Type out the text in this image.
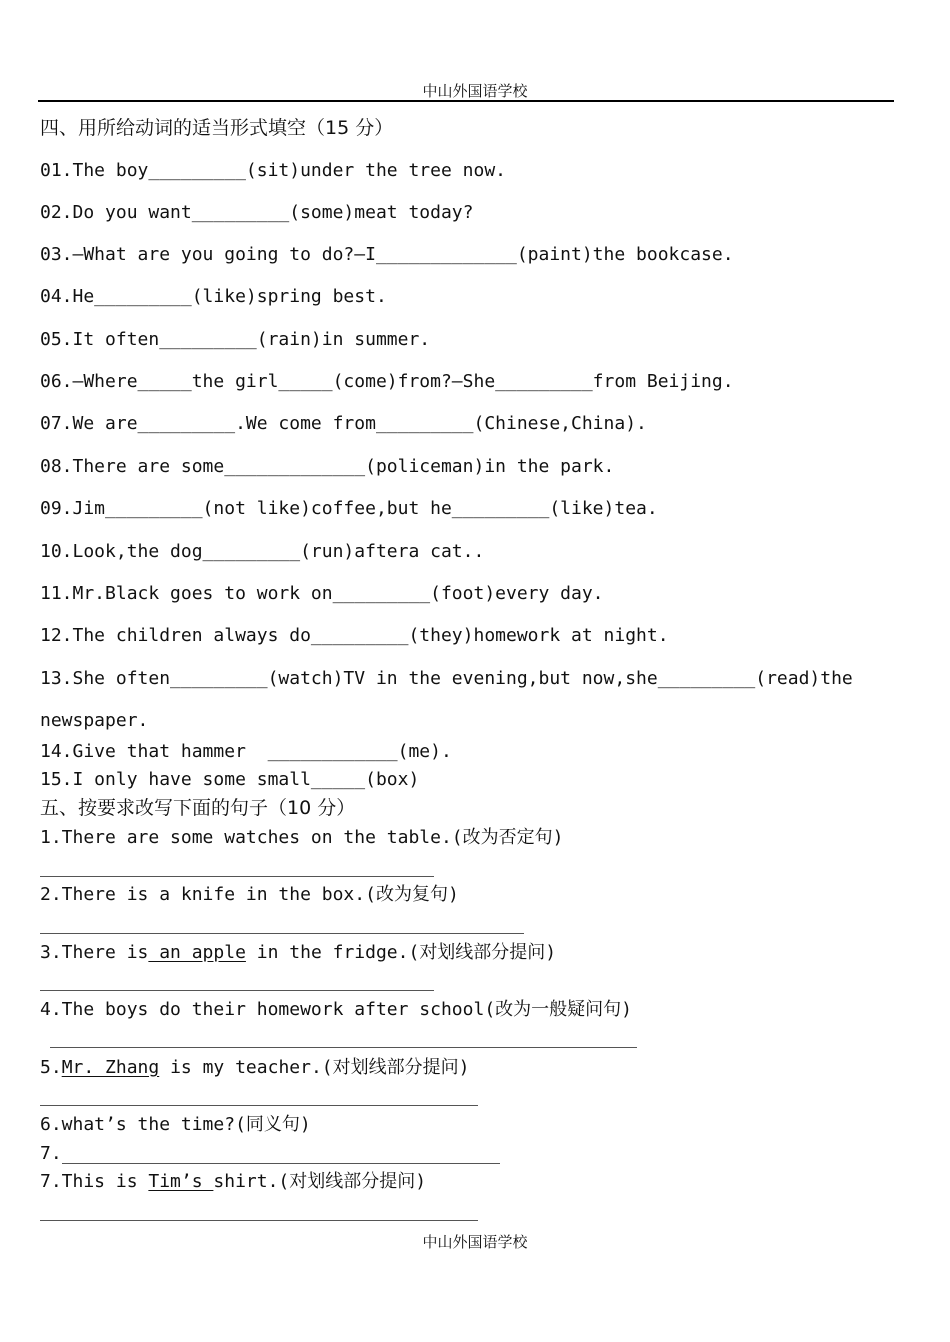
中山外国语学校
四、用所给动词的适当形式填空（15 分）
01.The boy_________(sit)under the tree now.
02.Do you want_________(some)meat today?
03.—What are you going to do?—I_____________(paint)the bookcase.
04.He_________(like)spring best.
05.It often_________(rain)in summer.
06.—Where_____the girl_____(come)from?—She_________from Beijing.
07.We are_________.We come from_________(Chinese,China).
08.There are some_____________(policeman)in the park.
09.Jim_________(not like)coffee,but he_________(like)tea.
10.Look,the dog_________(run)aftera cat..
11.Mr.Black goes to work on_________(foot)every day.
12.The children always do_________(they)homework at night.
13.She often_________(watch)TV in the evening,but now,she_________(read)the
newspaper.
14.Give that hammer  ____________(me).
15.I only have some small_____(box)
五、按要求改写下面的句子（10 分）
1.There are some watches on the table.(改为否定句)
2.There is a knife in the box.(改为复句)
3.There is an apple in the fridge.(对划线部分提问)
4.The boys do their homework after school(改为一般疑问句)
5.Mr. Zhang is my teacher.(对划线部分提问)
6.what’s the time?(同义句)
7.
7.This is Tim’s shirt.(对划线部分提问)
中山外国语学校
